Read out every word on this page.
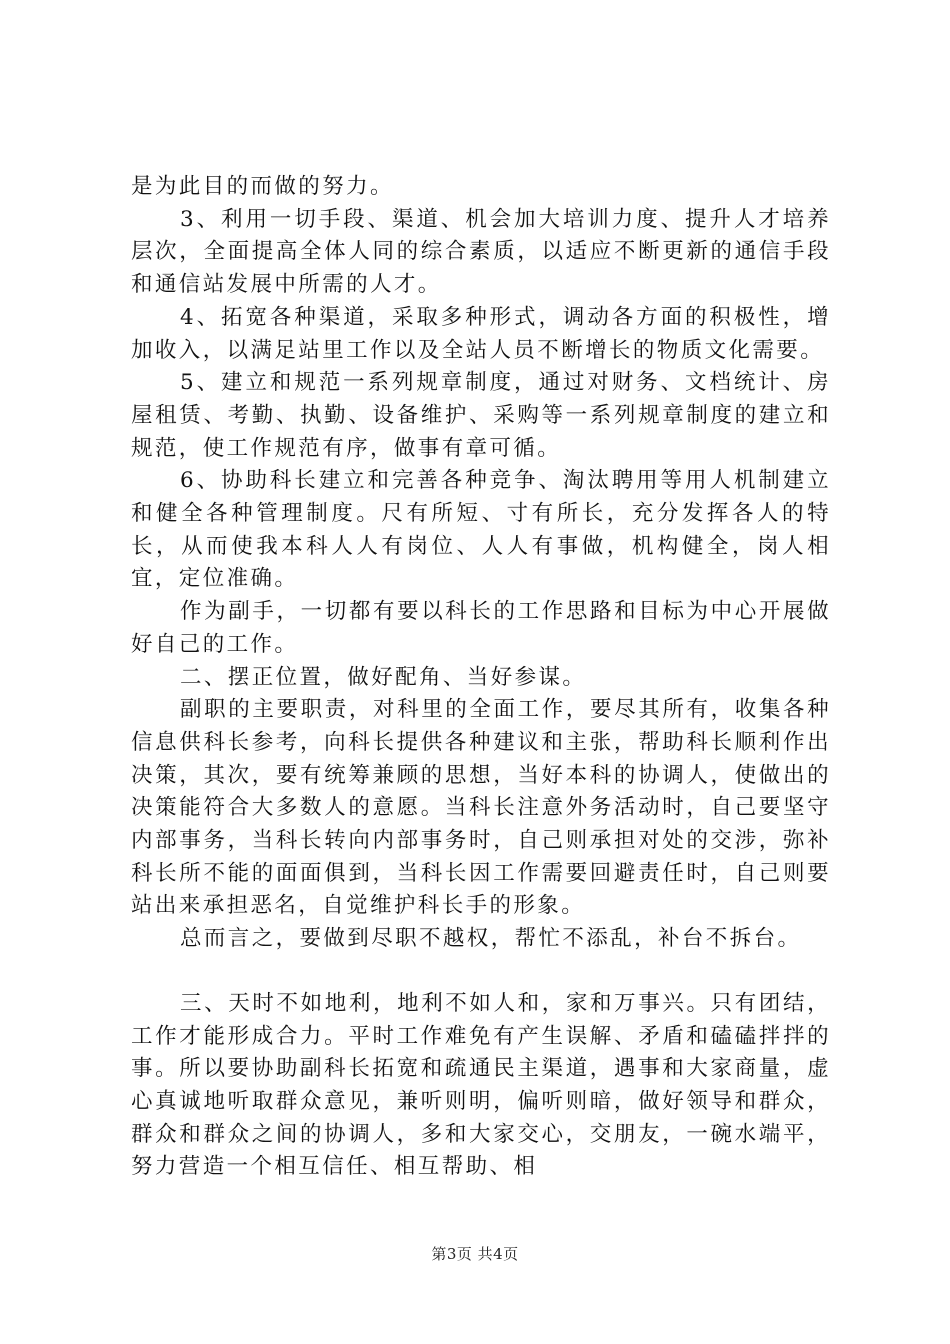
是为此目的而做的努力。

3、利用一切手段、渠道、机会加大培训力度、提升人才培养层次，全面提高全体人同的综合素质，以适应不断更新的通信手段和通信站发展中所需的人才。

4、拓宽各种渠道，采取多种形式，调动各方面的积极性，增加收入，以满足站里工作以及全站人员不断增长的物质文化需要。

5、建立和规范一系列规章制度，通过对财务、文档统计、房屋租赁、考勤、执勤、设备维护、采购等一系列规章制度的建立和规范，使工作规范有序，做事有章可循。

6、协助科长建立和完善各种竞争、淘汰聘用等用人机制建立和健全各种管理制度。尺有所短、寸有所长，充分发挥各人的特长，从而使我本科人人有岗位、人人有事做，机构健全，岗人相宜，定位准确。

作为副手，一切都有要以科长的工作思路和目标为中心开展做好自己的工作。

二、摆正位置，做好配角、当好参谋。

副职的主要职责，对科里的全面工作，要尽其所有，收集各种信息供科长参考，向科长提供各种建议和主张，帮助科长顺利作出决策，其次，要有统筹兼顾的思想，当好本科的协调人，使做出的决策能符合大多数人的意愿。当科长注意外务活动时，自己要坚守内部事务，当科长转向内部事务时，自己则承担对处的交涉，弥补科长所不能的面面俱到，当科长因工作需要回避责任时，自己则要站出来承担恶名，自觉维护科长手的形象。

总而言之，要做到尽职不越权，帮忙不添乱，补台不拆台。

三、天时不如地利，地利不如人和，家和万事兴。只有团结，工作才能形成合力。平时工作难免有产生误解、矛盾和磕磕拌拌的事。所以要协助副科长拓宽和疏通民主渠道，遇事和大家商量，虚心真诚地听取群众意见，兼听则明，偏听则暗，做好领导和群众，群众和群众之间的协调人，多和大家交心，交朋友，一碗水端平，努力营造一个相互信任、相互帮助、相

第3页 共4页
